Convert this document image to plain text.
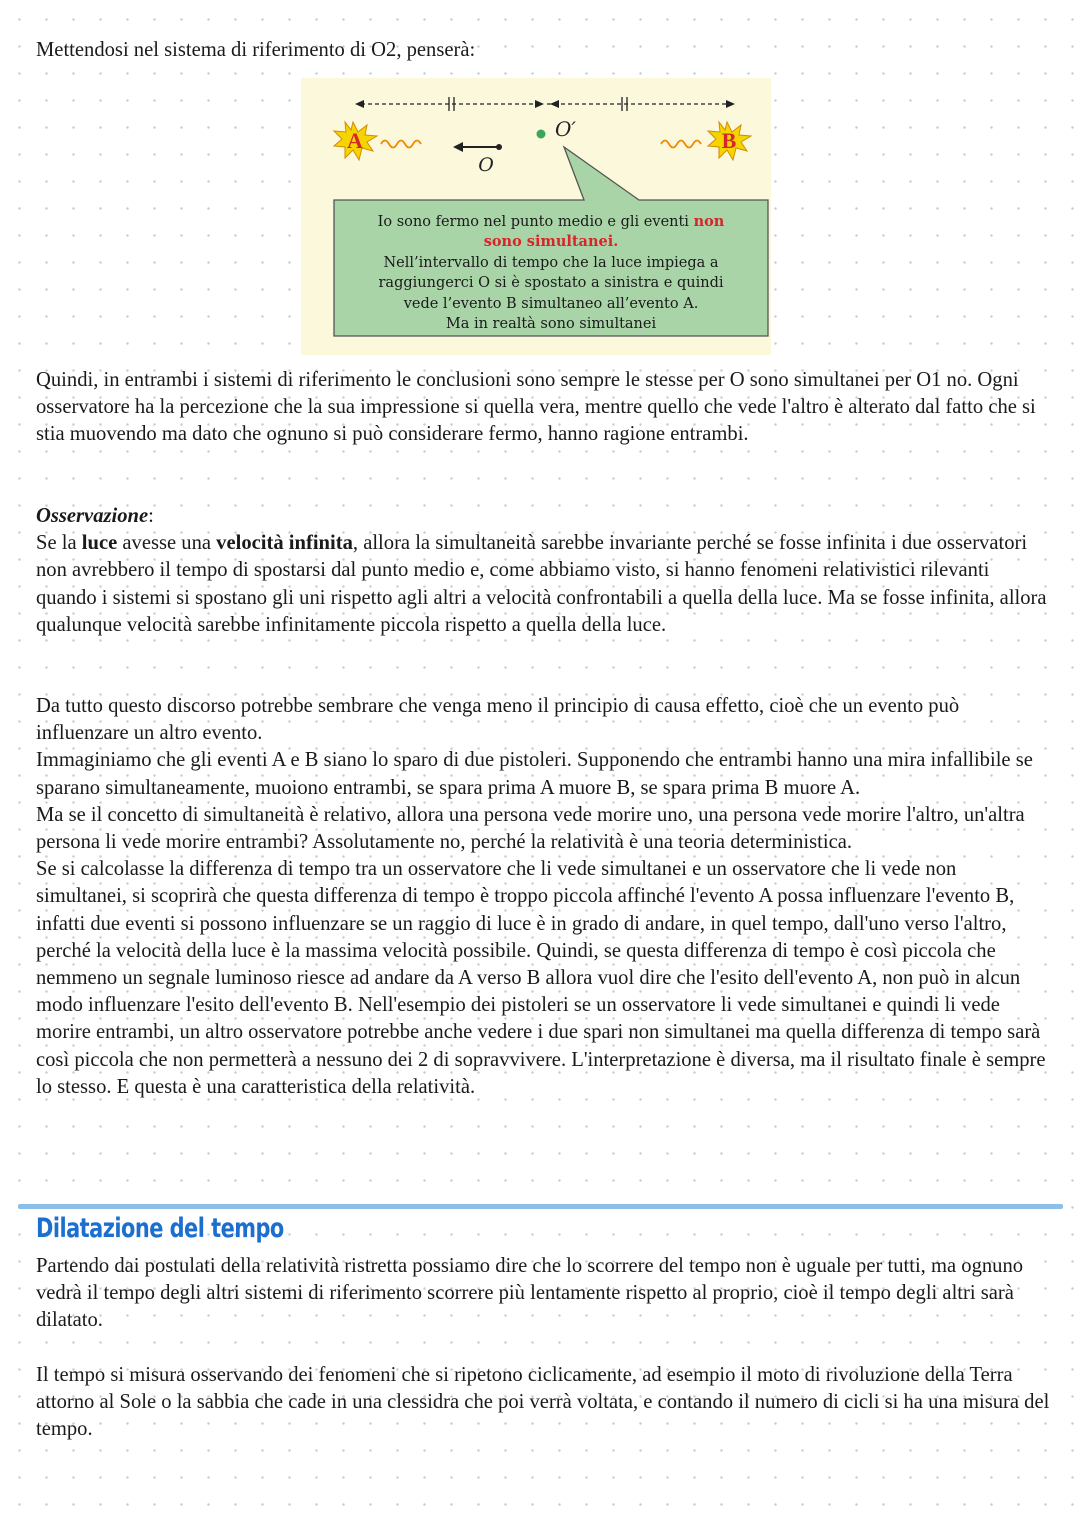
Mettendosi nel sistema di riferimento di O2, penserà:

A
O
O′	B
Io sono fermo nel punto medio e gli eventi non
sono simultanei.
Nell’intervallo di tempo che la luce impiega a
raggiungerci O si è spostato a sinistra e quindi
vede l’evento B simultaneo all’evento A.
Ma in realtà sono simultanei

Quindi, in entrambi i sistemi di riferimento le conclusioni sono sempre le stesse per O sono simultanei per O1 no. Ogni osservatore ha la percezione che la sua impressione si quella vera, mentre quello che vede l'altro è alterato dal fatto che si stia muovendo ma dato che ognuno si può considerare fermo, hanno ragione entrambi.

Osservazione:
Se la luce avesse una velocità infinita, allora la simultaneità sarebbe invariante perché se fosse infinita i due osservatori non avrebbero il tempo di spostarsi dal punto medio e, come abbiamo visto, si hanno fenomeni relativistici rilevanti quando i sistemi si spostano gli uni rispetto agli altri a velocità confrontabili a quella della luce. Ma se fosse infinita, allora qualunque velocità sarebbe infinitamente piccola rispetto a quella della luce.
Da tutto questo discorso potrebbe sembrare che venga meno il principio di causa effetto, cioè che un evento può influenzare un altro evento.
Immaginiamo che gli eventi A e B siano lo sparo di due pistoleri. Supponendo che entrambi hanno una mira infallibile se sparano simultaneamente, muoiono entrambi, se spara prima A muore B, se spara prima B muore A.
Ma se il concetto di simultaneità è relativo, allora una persona vede morire uno, una persona vede morire l'altro, un'altra persona li vede morire entrambi? Assolutamente no, perché la relatività è una teoria deterministica.
Se si calcolasse la differenza di tempo tra un osservatore che li vede simultanei e un osservatore che li vede non simultanei, si scoprirà che questa differenza di tempo è troppo piccola affinché l'evento A possa influenzare l'evento B, infatti due eventi si possono influenzare se un raggio di luce è in grado di andare, in quel tempo, dall'uno verso l'altro, perché la velocità della luce è la massima velocità possibile. Quindi, se questa differenza di tempo è così piccola che nemmeno un segnale luminoso riesce ad andare da A verso B allora vuol dire che l'esito dell'evento A, non può in alcun modo influenzare l'esito dell'evento B. Nell'esempio dei pistoleri se un osservatore li vede simultanei e quindi li vede morire entrambi, un altro osservatore potrebbe anche vedere i due spari non simultanei ma quella differenza di tempo sarà così piccola che non permetterà a nessuno dei 2 di sopravvivere. L'interpretazione è diversa, ma il risultato finale è sempre lo stesso. E questa è una caratteristica della relatività.
Dilatazione del tempo

Partendo dai postulati della relatività ristretta possiamo dire che lo scorrere del tempo non è uguale per tutti, ma ognuno vedrà il tempo degli altri sistemi di riferimento scorrere più lentamente rispetto al proprio, cioè il tempo degli altri sarà dilatato.

Il tempo si misura osservando dei fenomeni che si ripetono ciclicamente, ad esempio il moto di rivoluzione della Terra attorno al Sole o la sabbia che cade in una clessidra che poi verrà voltata, e contando il numero di cicli si ha una misura del tempo.
